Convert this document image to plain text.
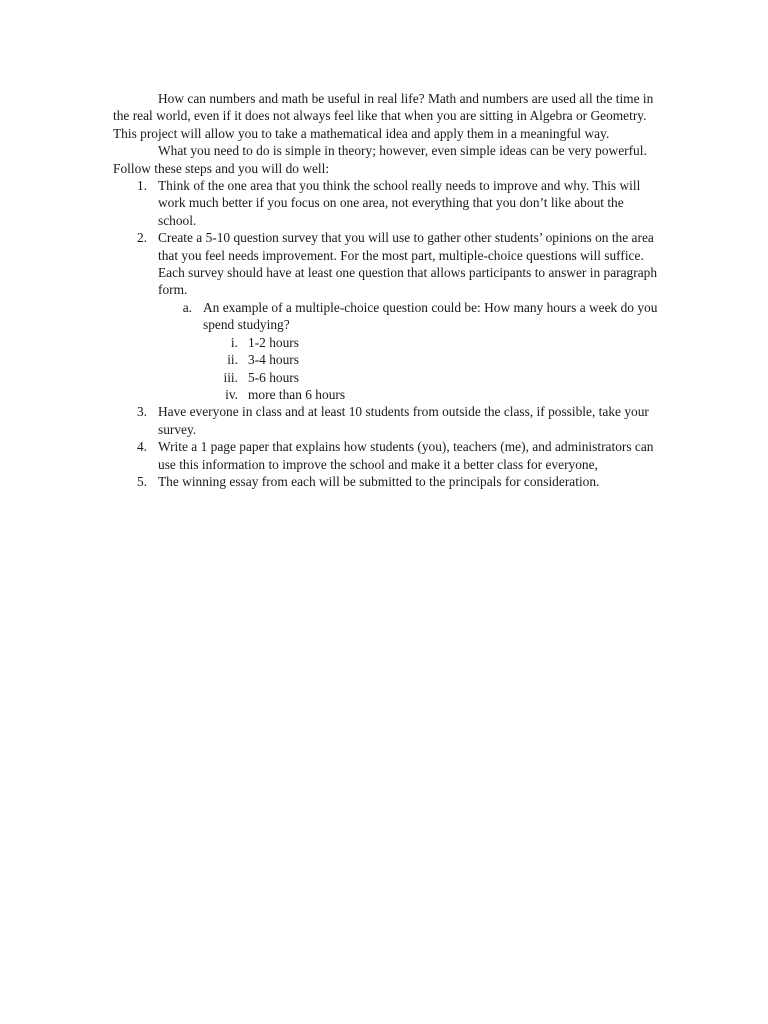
How can numbers and math be useful in real life? Math and numbers are used all the time in the real world, even if it does not always feel like that when you are sitting in Algebra or Geometry. This project will allow you to take a mathematical idea and apply them in a meaningful way.

What you need to do is simple in theory; however, even simple ideas can be very powerful. Follow these steps and you will do well:

1. Think of the one area that you think the school really needs to improve and why. This will work much better if you focus on one area, not everything that you don’t like about the school.
2. Create a 5-10 question survey that you will use to gather other students’ opinions on the area that you feel needs improvement. For the most part, multiple-choice questions will suffice. Each survey should have at least one question that allows participants to answer in paragraph form.
a. An example of a multiple-choice question could be: How many hours a week do you spend studying?
i. 1-2 hours
ii. 3-4 hours
iii. 5-6 hours
iv. more than 6 hours
3. Have everyone in class and at least 10 students from outside the class, if possible, take your survey.
4. Write a 1 page paper that explains how students (you), teachers (me), and administrators can use this information to improve the school and make it a better class for everyone,
5. The winning essay from each will be submitted to the principals for consideration.
